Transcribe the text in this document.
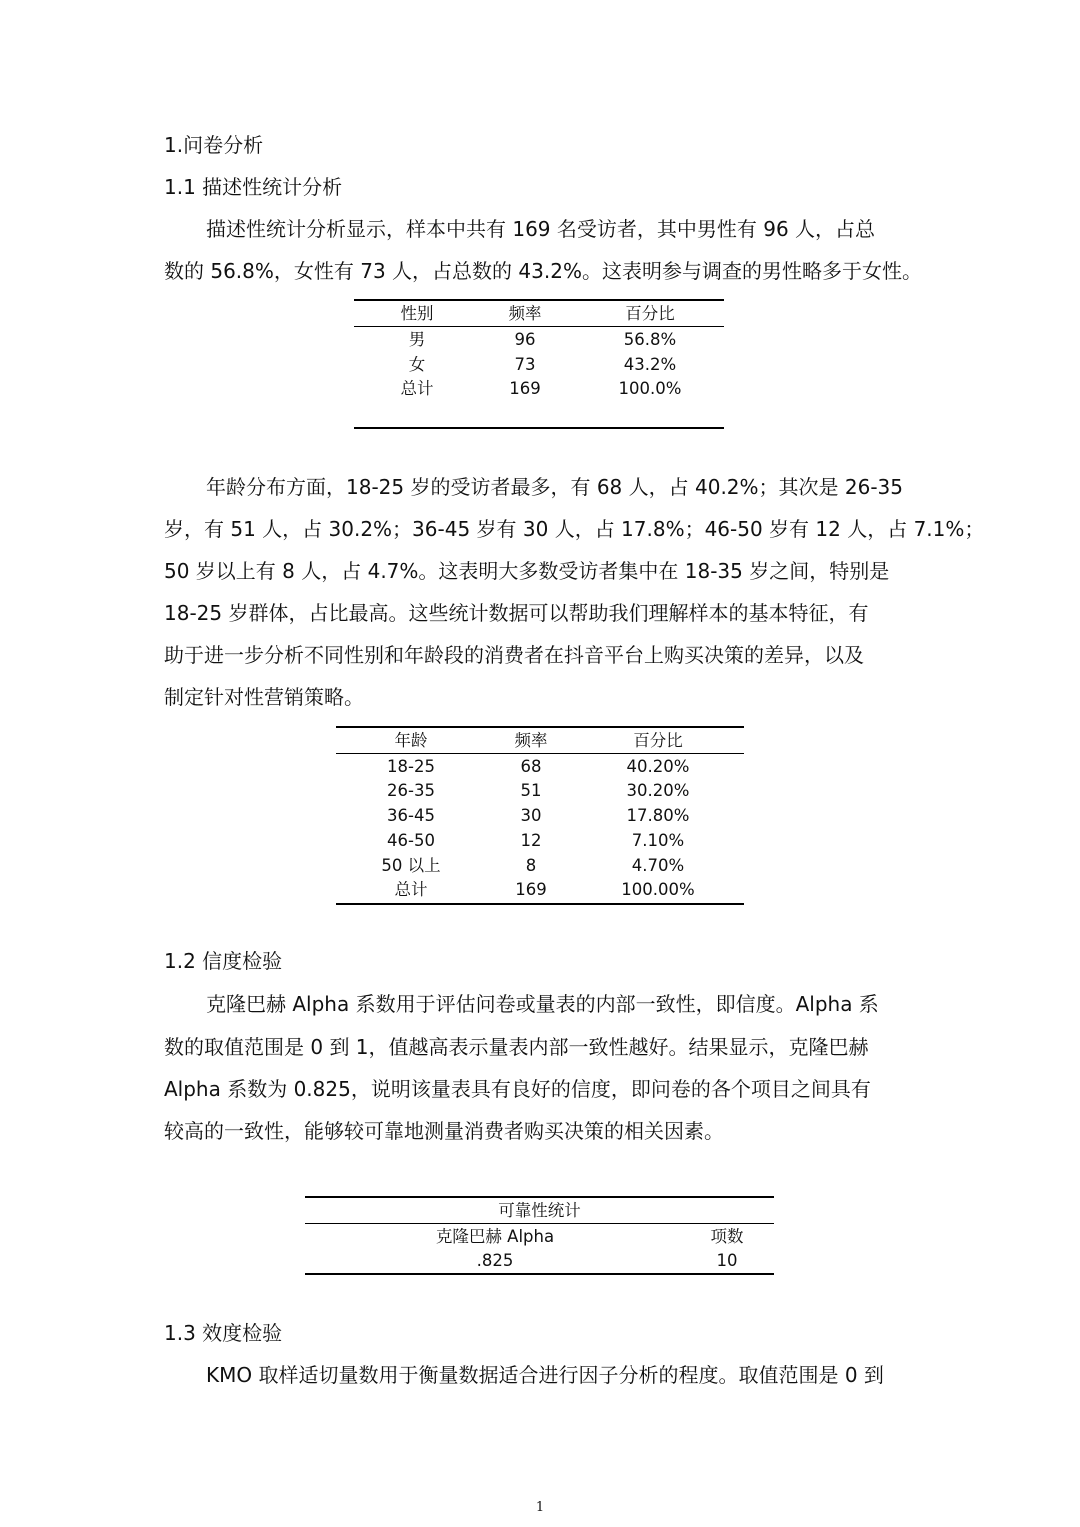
1.问卷分析
1.1 描述性统计分析
描述性统计分析显示，样本中共有 169 名受访者，其中男性有 96 人，占总
数的 56.8%，女性有 73 人，占总数的 43.2%。这表明参与调查的男性略多于女性。
性别	频率	百分比
男	96	56.8%
女	73	43.2%
总计	169	100.0%
年龄分布方面，18-25 岁的受访者最多，有 68 人，占 40.2%；其次是 26-35
岁，有 51 人，占 30.2%；36-45 岁有 30 人，占 17.8%；46-50 岁有 12 人，占 7.1%；
50 岁以上有 8 人，占 4.7%。这表明大多数受访者集中在 18-35 岁之间，特别是
18-25 岁群体，占比最高。这些统计数据可以帮助我们理解样本的基本特征，有
助于进一步分析不同性别和年龄段的消费者在抖音平台上购买决策的差异，以及
制定针对性营销策略。
年龄	频率	百分比
18-25	68	40.20%
26-35	51	30.20%
36-45	30	17.80%
46-50	12	7.10%
50 以上	8	4.70%
总计	169	100.00%
1.2 信度检验
克隆巴赫 Alpha 系数用于评估问卷或量表的内部一致性，即信度。Alpha 系
数的取值范围是 0 到 1，值越高表示量表内部一致性越好。结果显示，克隆巴赫
Alpha 系数为 0.825，说明该量表具有良好的信度，即问卷的各个项目之间具有
较高的一致性，能够较可靠地测量消费者购买决策的相关因素。
可靠性统计
克隆巴赫 Alpha	项数
.825	10
1.3 效度检验
KMO 取样适切量数用于衡量数据适合进行因子分析的程度。取值范围是 0 到
1
